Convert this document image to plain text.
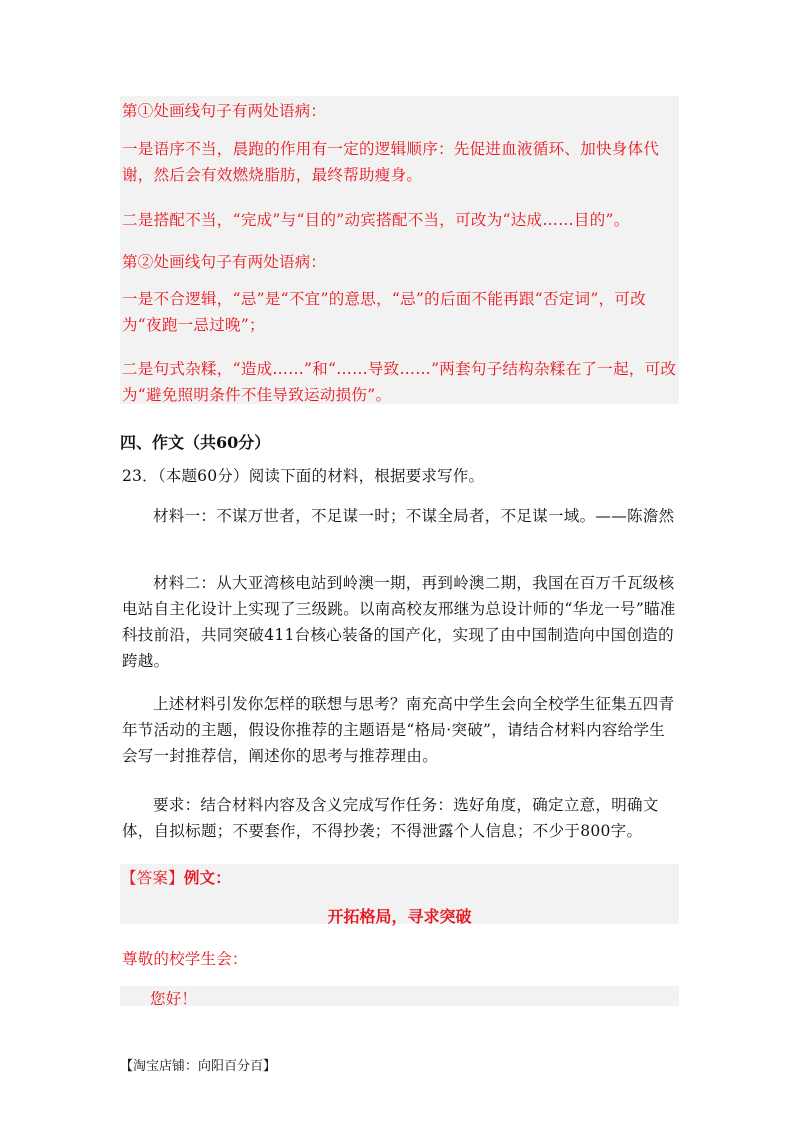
第①处画线句子有两处语病：
一是语序不当，晨跑的作用有一定的逻辑顺序：先促进血液循环、加快身体代谢，然后会有效燃烧脂肪，最终帮助瘦身。
二是搭配不当，“完成”与“目的”动宾搭配不当，可改为“达成……目的”。
第②处画线句子有两处语病：
一是不合逻辑，“忌”是“不宜”的意思，“忌”的后面不能再跟“否定词”，可改为“夜跑一忌过晚”；
二是句式杂糅，“造成……”和“……导致……”两套句子结构杂糅在了一起，可改为“避免照明条件不佳导致运动损伤”。
四、作文（共60分）
23．（本题60分）阅读下面的材料，根据要求写作。
材料一：不谋万世者，不足谋一时；不谋全局者，不足谋一域。——陈澹然
材料二：从大亚湾核电站到岭澳一期，再到岭澳二期，我国在百万千瓦级核电站自主化设计上实现了三级跳。以南高校友邢继为总设计师的“华龙一号”瞄准科技前沿，共同突破411台核心装备的国产化，实现了由中国制造向中国创造的跨越。
上述材料引发你怎样的联想与思考？南充高中学生会向全校学生征集五四青年节活动的主题，假设你推荐的主题语是“格局·突破”，请结合材料内容给学生会写一封推荐信，阐述你的思考与推荐理由。
要求：结合材料内容及含义完成写作任务：选好角度，确定立意，明确文体，自拟标题；不要套作，不得抄袭；不得泄露个人信息；不少于800字。
【答案】例文：
开拓格局，寻求突破
尊敬的校学生会：
您好！
【淘宝店铺：向阳百分百】
